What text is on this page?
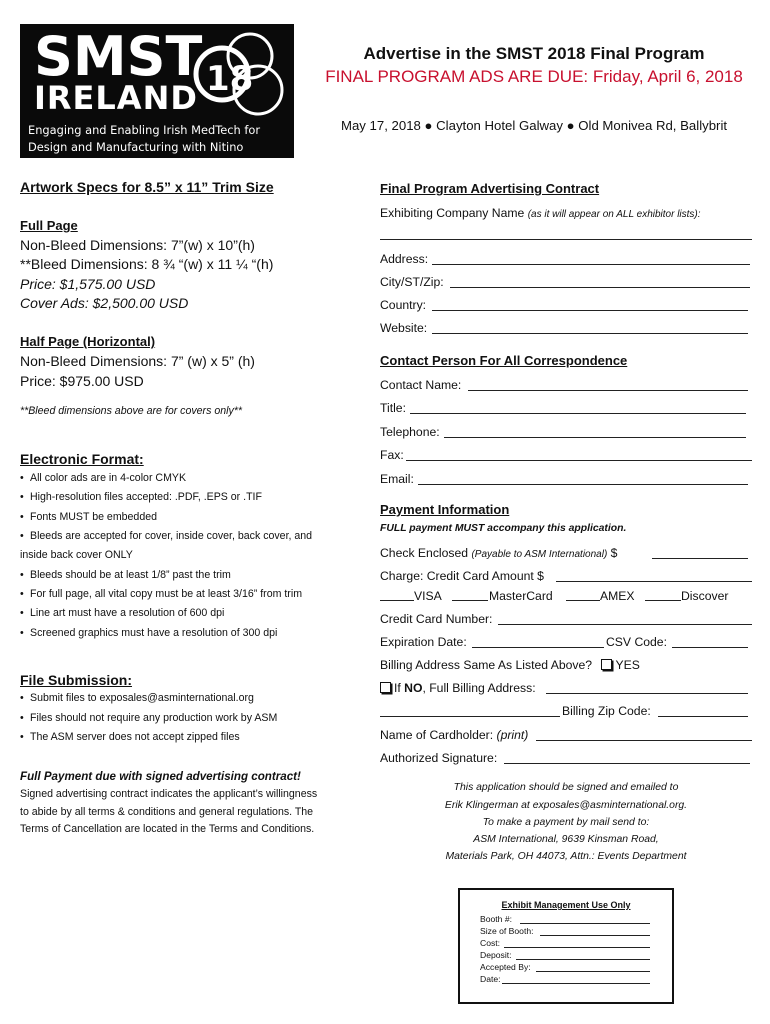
SMST
IRELAND 18
Engaging and Enabling Irish MedTech for
Design and Manufacturing with Nitino
Advertise in the SMST 2018 Final Program
FINAL PROGRAM ADS ARE DUE: Friday, April 6, 2018
May 17, 2018 ● Clayton Hotel Galway ● Old Monivea Rd, Ballybrit
Artwork Specs for 8.5” x 11” Trim Size
Full Page
Non-Bleed Dimensions: 7”(w) x 10”(h)
**Bleed Dimensions: 8 ¾ “(w) x 11 ¼ “(h)
Price: $1,575.00 USD
Cover Ads: $2,500.00 USD
Half Page (Horizontal)
Non-Bleed Dimensions: 7” (w) x 5” (h)
Price: $975.00 USD
**Bleed dimensions above are for covers only**
Electronic Format:
• All color ads are in 4-color CMYK
• High-resolution files accepted: .PDF, .EPS or .TIF
• Fonts MUST be embedded
• Bleeds are accepted for cover, inside cover, back cover, and
inside back cover ONLY
• Bleeds should be at least 1/8” past the trim
• For full page, all vital copy must be at least 3/16” from trim
• Line art must have a resolution of 600 dpi
• Screened graphics must have a resolution of 300 dpi
File Submission:
• Submit files to exposales@asminternational.org
• Files should not require any production work by ASM
• The ASM server does not accept zipped files
Full Payment due with signed advertising contract!
Signed advertising contract indicates the applicant’s willingness
to abide by all terms & conditions and general regulations. The
Terms of Cancellation are located in the Terms and Conditions.
Final Program Advertising Contract
Exhibiting Company Name (as it will appear on ALL exhibitor lists):
Address:
City/ST/Zip:
Country:
Website:
Contact Person For All Correspondence
Contact Name:
Title:
Telephone:
Fax:
Email:
Payment Information
FULL payment MUST accompany this application.
Check Enclosed (Payable to ASM International) $
Charge: Credit Card Amount $
VISA	MasterCard	AMEX	Discover
Credit Card Number:
Expiration Date:	CSV Code:
Billing Address Same As Listed Above? YES
If NO, Full Billing Address:
Billing Zip Code:
Name of Cardholder: (print)
Authorized Signature:
This application should be signed and emailed to
Erik Klingerman at exposales@asminternational.org.
To make a payment by mail send to:
ASM International, 9639 Kinsman Road,
Materials Park, OH 44073, Attn.: Events Department
Exhibit Management Use Only
Booth #:
Size of Booth:
Cost:
Deposit:
Accepted By:
Date:
